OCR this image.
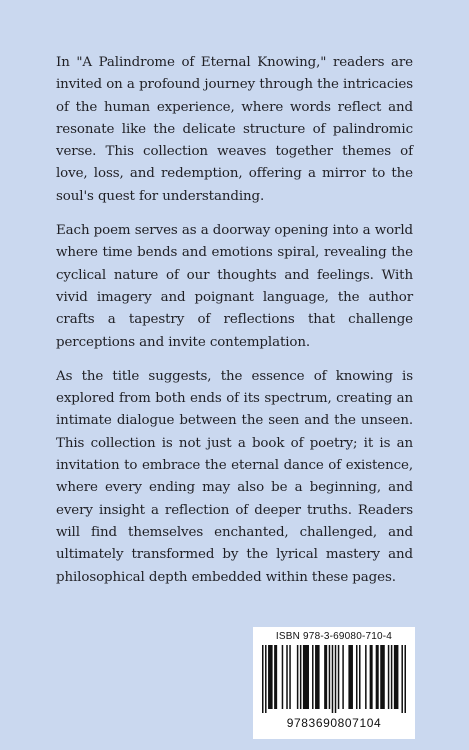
In "A Palindrome of Eternal Knowing," readers are invited on a profound journey through the intricacies of the human experience, where words reflect and resonate like the delicate structure of palindromic verse. This collection weaves together themes of love, loss, and redemption, offering a mirror to the soul's quest for understanding.

Each poem serves as a doorway opening into a world where time bends and emotions spiral, revealing the cyclical nature of our thoughts and feelings. With vivid imagery and poignant language, the author crafts a tapestry of reflections that challenge perceptions and invite contemplation.

As the title suggests, the essence of knowing is explored from both ends of its spectrum, creating an intimate dialogue between the seen and the unseen. This collection is not just a book of poetry; it is an invitation to embrace the eternal dance of existence, where every ending may also be a beginning, and every insight a reflection of deeper truths. Readers will find themselves enchanted, challenged, and ultimately transformed by the lyrical mastery and philosophical depth embedded within these pages.

ISBN 978-3-69080-710-4
9783690807104
